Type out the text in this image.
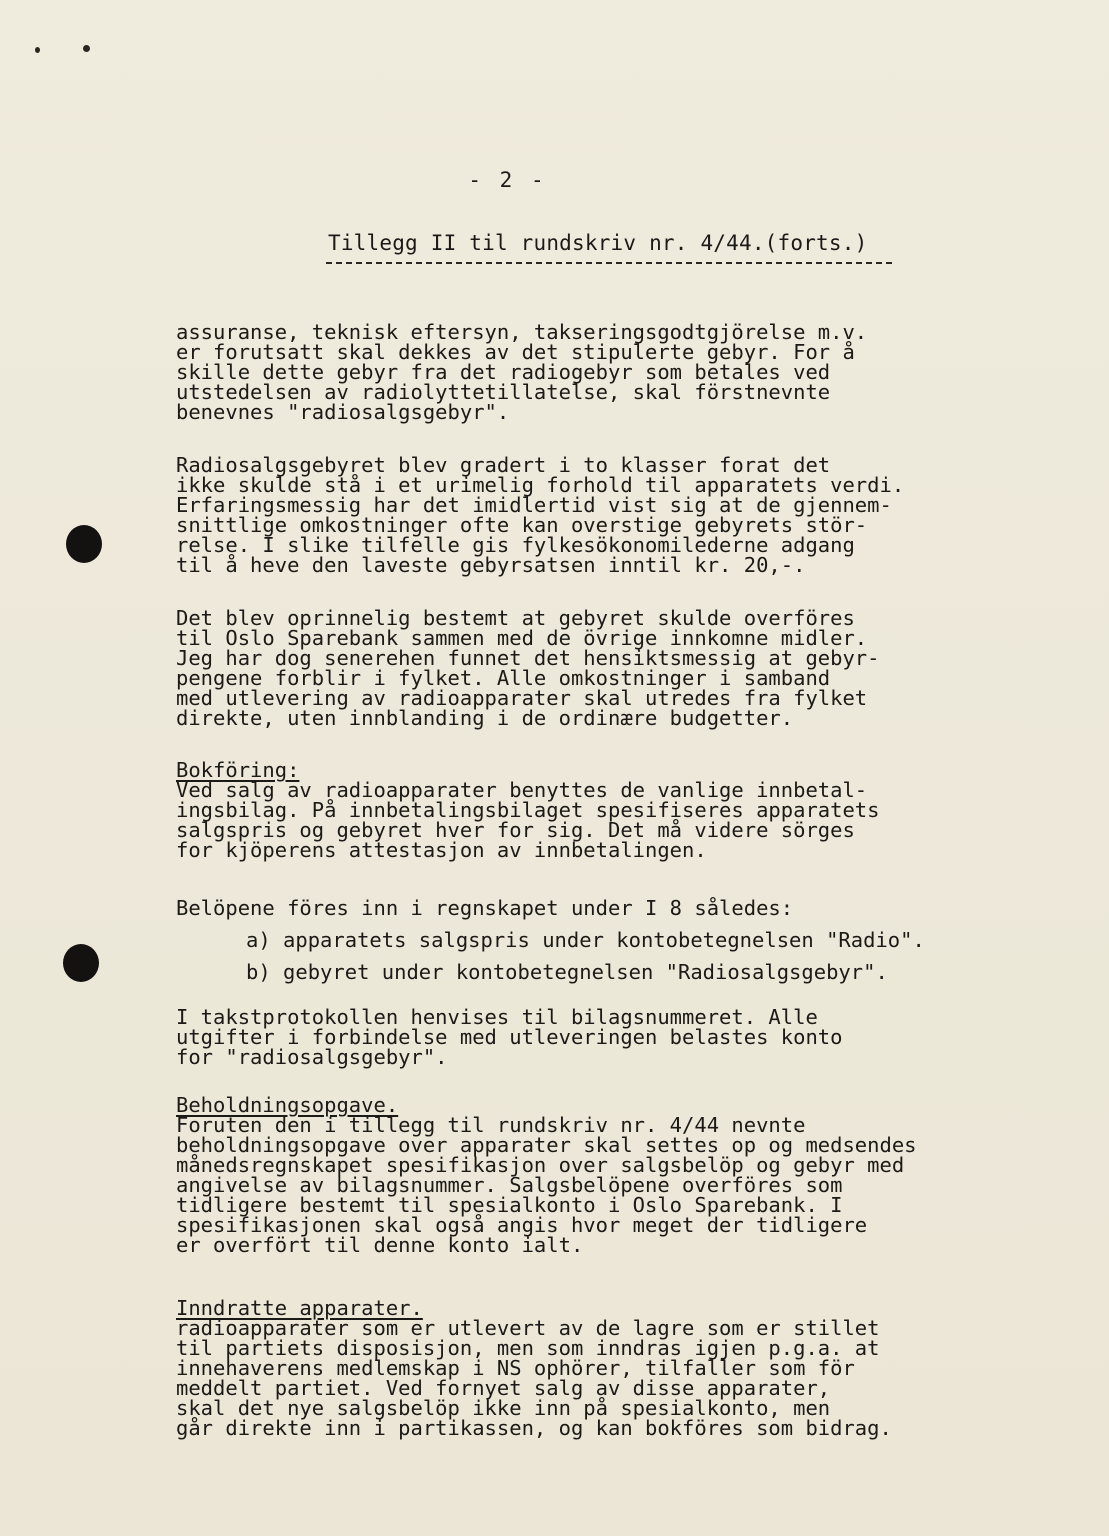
- 2 -
Tillegg II til rundskriv nr. 4/44.(forts.)
assuranse, teknisk eftersyn, takseringsgodtgjörelse m.v.
er forutsatt skal dekkes av det stipulerte gebyr. For å
skille dette gebyr fra det radiogebyr som betales ved
utstedelsen av radiolyttetillatelse, skal förstnevnte
benevnes "radiosalgsgebyr".
Radiosalgsgebyret blev gradert i to klasser forat det
ikke skulde stå i et urimelig forhold til apparatets verdi.
Erfaringsmessig har det imidlertid vist sig at de gjennem-
snittlige omkostninger ofte kan overstige gebyrets stör-
relse. I slike tilfelle gis fylkesökonomilederne adgang
til å heve den laveste gebyrsatsen inntil kr. 20,-.
Det blev oprinnelig bestemt at gebyret skulde overföres
til Oslo Sparebank sammen med de övrige innkomne midler.
Jeg har dog senerehen funnet det hensiktsmessig at gebyr-
pengene forblir i fylket. Alle omkostninger i samband
med utlevering av radioapparater skal utredes fra fylket
direkte, uten innblanding i de ordinære budgetter.
Bokföring:
Ved salg av radioapparater benyttes de vanlige innbetal-
ingsbilag. På innbetalingsbilaget spesifiseres apparatets
salgspris og gebyret hver for sig. Det må videre sörges
for kjöperens attestasjon av innbetalingen.
Belöpene föres inn i regnskapet under I 8 således:
a) apparatets salgspris under kontobetegnelsen "Radio".
b) gebyret under kontobetegnelsen "Radiosalgsgebyr".
I takstprotokollen henvises til bilagsnummeret. Alle
utgifter i forbindelse med utleveringen belastes konto
for "radiosalgsgebyr".
Beholdningsopgave.
Foruten den i tillegg til rundskriv nr. 4/44 nevnte
beholdningsopgave over apparater skal settes op og medsendes
månedsregnskapet spesifikasjon over salgsbelöp og gebyr med
angivelse av bilagsnummer. Salgsbelöpene overföres som
tidligere bestemt til spesialkonto i Oslo Sparebank. I
spesifikasjonen skal også angis hvor meget der tidligere
er overfört til denne konto ialt.
Inndratte apparater.
radioapparater som er utlevert av de lagre som er stillet
til partiets disposisjon, men som inndras igjen p.g.a. at
innehaverens medlemskap i NS ophörer, tilfaller som för
meddelt partiet. Ved fornyet salg av disse apparater,
skal det nye salgsbelöp ikke inn på spesialkonto, men
går direkte inn i partikassen, og kan bokföres som bidrag.
